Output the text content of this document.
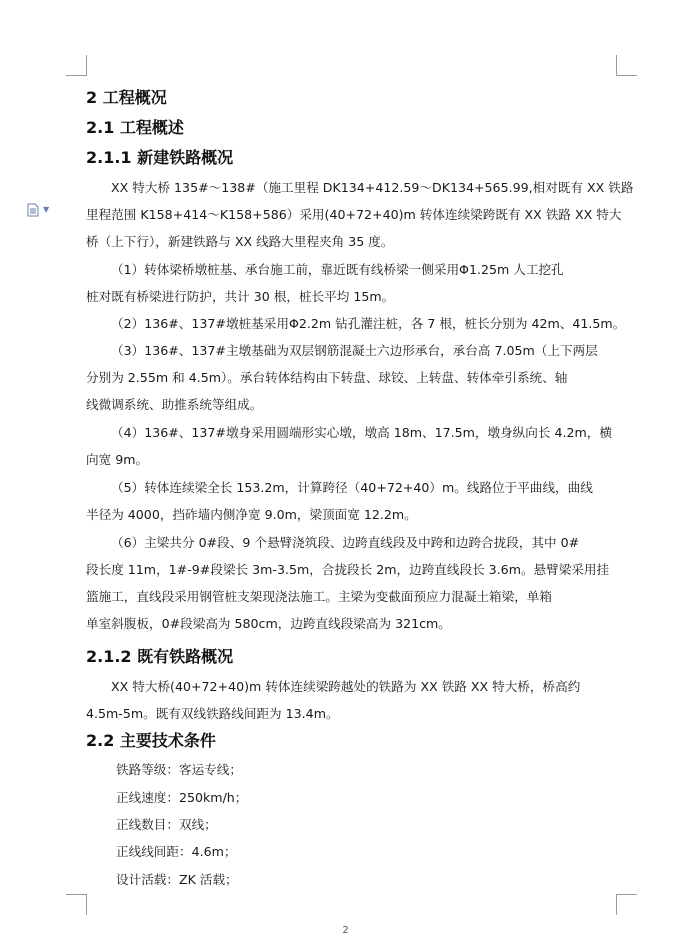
▼
2 工程概况
2.1 工程概述
2.1.1 新建铁路概况
XX 特大桥 135#～138#（施工里程 DK134+412.59～DK134+565.99,相对既有 XX 铁路
里程范围 K158+414～K158+586）采用(40+72+40)m 转体连续梁跨既有 XX 铁路 XX 特大
桥（上下行），新建铁路与 XX 线路大里程夹角 35 度。
（1）转体梁桥墩桩基、承台施工前，靠近既有线桥梁一侧采用Φ1.25m 人工挖孔
桩对既有桥梁进行防护，共计 30 根，桩长平均 15m。
（2）136#、137#墩桩基采用Φ2.2m 钻孔灌注桩，各 7 根，桩长分别为 42m、41.5m。
（3）136#、137#主墩基础为双层钢筋混凝土六边形承台，承台高 7.05m（上下两层
分别为 2.55m 和 4.5m）。承台转体结构由下转盘、球铰、上转盘、转体牵引系统、轴
线微调系统、助推系统等组成。
（4）136#、137#墩身采用圆端形实心墩，墩高 18m、17.5m，墩身纵向长 4.2m，横
向宽 9m。
（5）转体连续梁全长 153.2m，计算跨径（40+72+40）m。线路位于平曲线，曲线
半径为 4000，挡砟墙内侧净宽 9.0m，梁顶面宽 12.2m。
（6）主梁共分 0#段、9 个悬臂浇筑段、边跨直线段及中跨和边跨合拢段，其中 0#
段长度 11m，1#-9#段梁长 3m-3.5m，合拢段长 2m，边跨直线段长 3.6m。悬臂梁采用挂
篮施工，直线段采用钢管桩支架现浇法施工。主梁为变截面预应力混凝土箱梁，单箱
单室斜腹板，0#段梁高为 580cm，边跨直线段梁高为 321cm。
2.1.2 既有铁路概况
XX 特大桥(40+72+40)m 转体连续梁跨越处的铁路为 XX 铁路 XX 特大桥，桥高约
4.5m-5m。既有双线铁路线间距为 13.4m。
2.2 主要技术条件
铁路等级：客运专线；
正线速度：250km/h；
正线数目：双线；
正线线间距：4.6m；
设计活载：ZK 活载；
2
